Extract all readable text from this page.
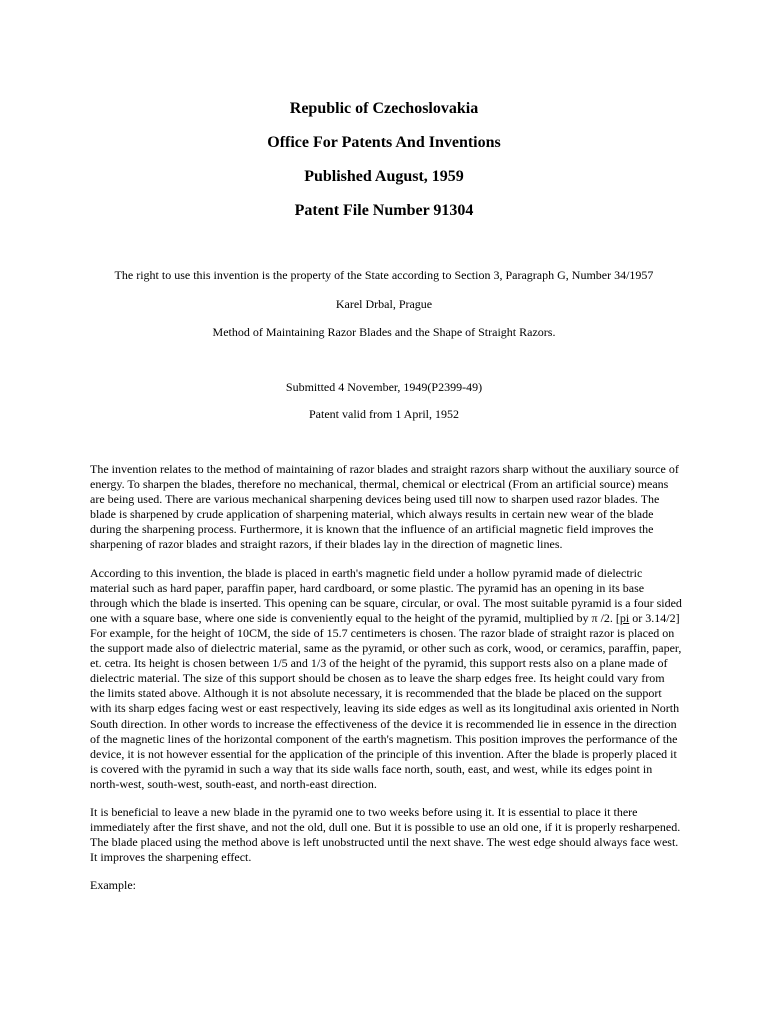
Republic of Czechoslovakia
Office For Patents And Inventions
Published August, 1959
Patent File Number 91304
The right to use this invention is the property of the State according to Section 3, Paragraph G, Number 34/1957
Karel Drbal, Prague
Method of Maintaining Razor Blades and the Shape of Straight Razors.
Submitted 4 November, 1949(P2399-49)
Patent valid from 1 April, 1952

The invention relates to the method of maintaining of razor blades and straight razors sharp without the auxiliary source of energy. To sharpen the blades, therefore no mechanical, thermal, chemical or electrical (From an artificial source) means are being used. There are various mechanical sharpening devices being used till now to sharpen used razor blades. The blade is sharpened by crude application of sharpening material, which always results in certain new wear of the blade during the sharpening process. Furthermore, it is known that the influence of an artificial magnetic field improves the sharpening of razor blades and straight razors, if their blades lay in the direction of magnetic lines.

According to this invention, the blade is placed in earth's magnetic field under a hollow pyramid made of dielectric material such as hard paper, paraffin paper, hard cardboard, or some plastic. The pyramid has an opening in its base through which the blade is inserted. This opening can be square, circular, or oval. The most suitable pyramid is a four sided one with a square base, where one side is conveniently equal to the height of the pyramid, multiplied by π /2. [pi or 3.14/2] For example, for the height of 10CM, the side of 15.7 centimeters is chosen. The razor blade of straight razor is placed on the support made also of dielectric material, same as the pyramid, or other such as cork, wood, or ceramics, paraffin, paper, et. cetra. Its height is chosen between 1/5 and 1/3 of the height of the pyramid, this support rests also on a plane made of dielectric material. The size of this support should be chosen as to leave the sharp edges free. Its height could vary from the limits stated above. Although it is not absolute necessary, it is recommended that the blade be placed on the support with its sharp edges facing west or east respectively, leaving its side edges as well as its longitudinal axis oriented in North South direction. In other words to increase the effectiveness of the device it is recommended lie in essence in the direction of the magnetic lines of the horizontal component of the earth's magnetism. This position improves the performance of the device, it is not however essential for the application of the principle of this invention. After the blade is properly placed it is covered with the pyramid in such a way that its side walls face north, south, east, and west, while its edges point in north-west, south-west, south-east, and north-east direction.

It is beneficial to leave a new blade in the pyramid one to two weeks before using it. It is essential to place it there immediately after the first shave, and not the old, dull one. But it is possible to use an old one, if it is properly resharpened. The blade placed using the method above is left unobstructed until the next shave. The west edge should always face west. It improves the sharpening effect.

Example:
